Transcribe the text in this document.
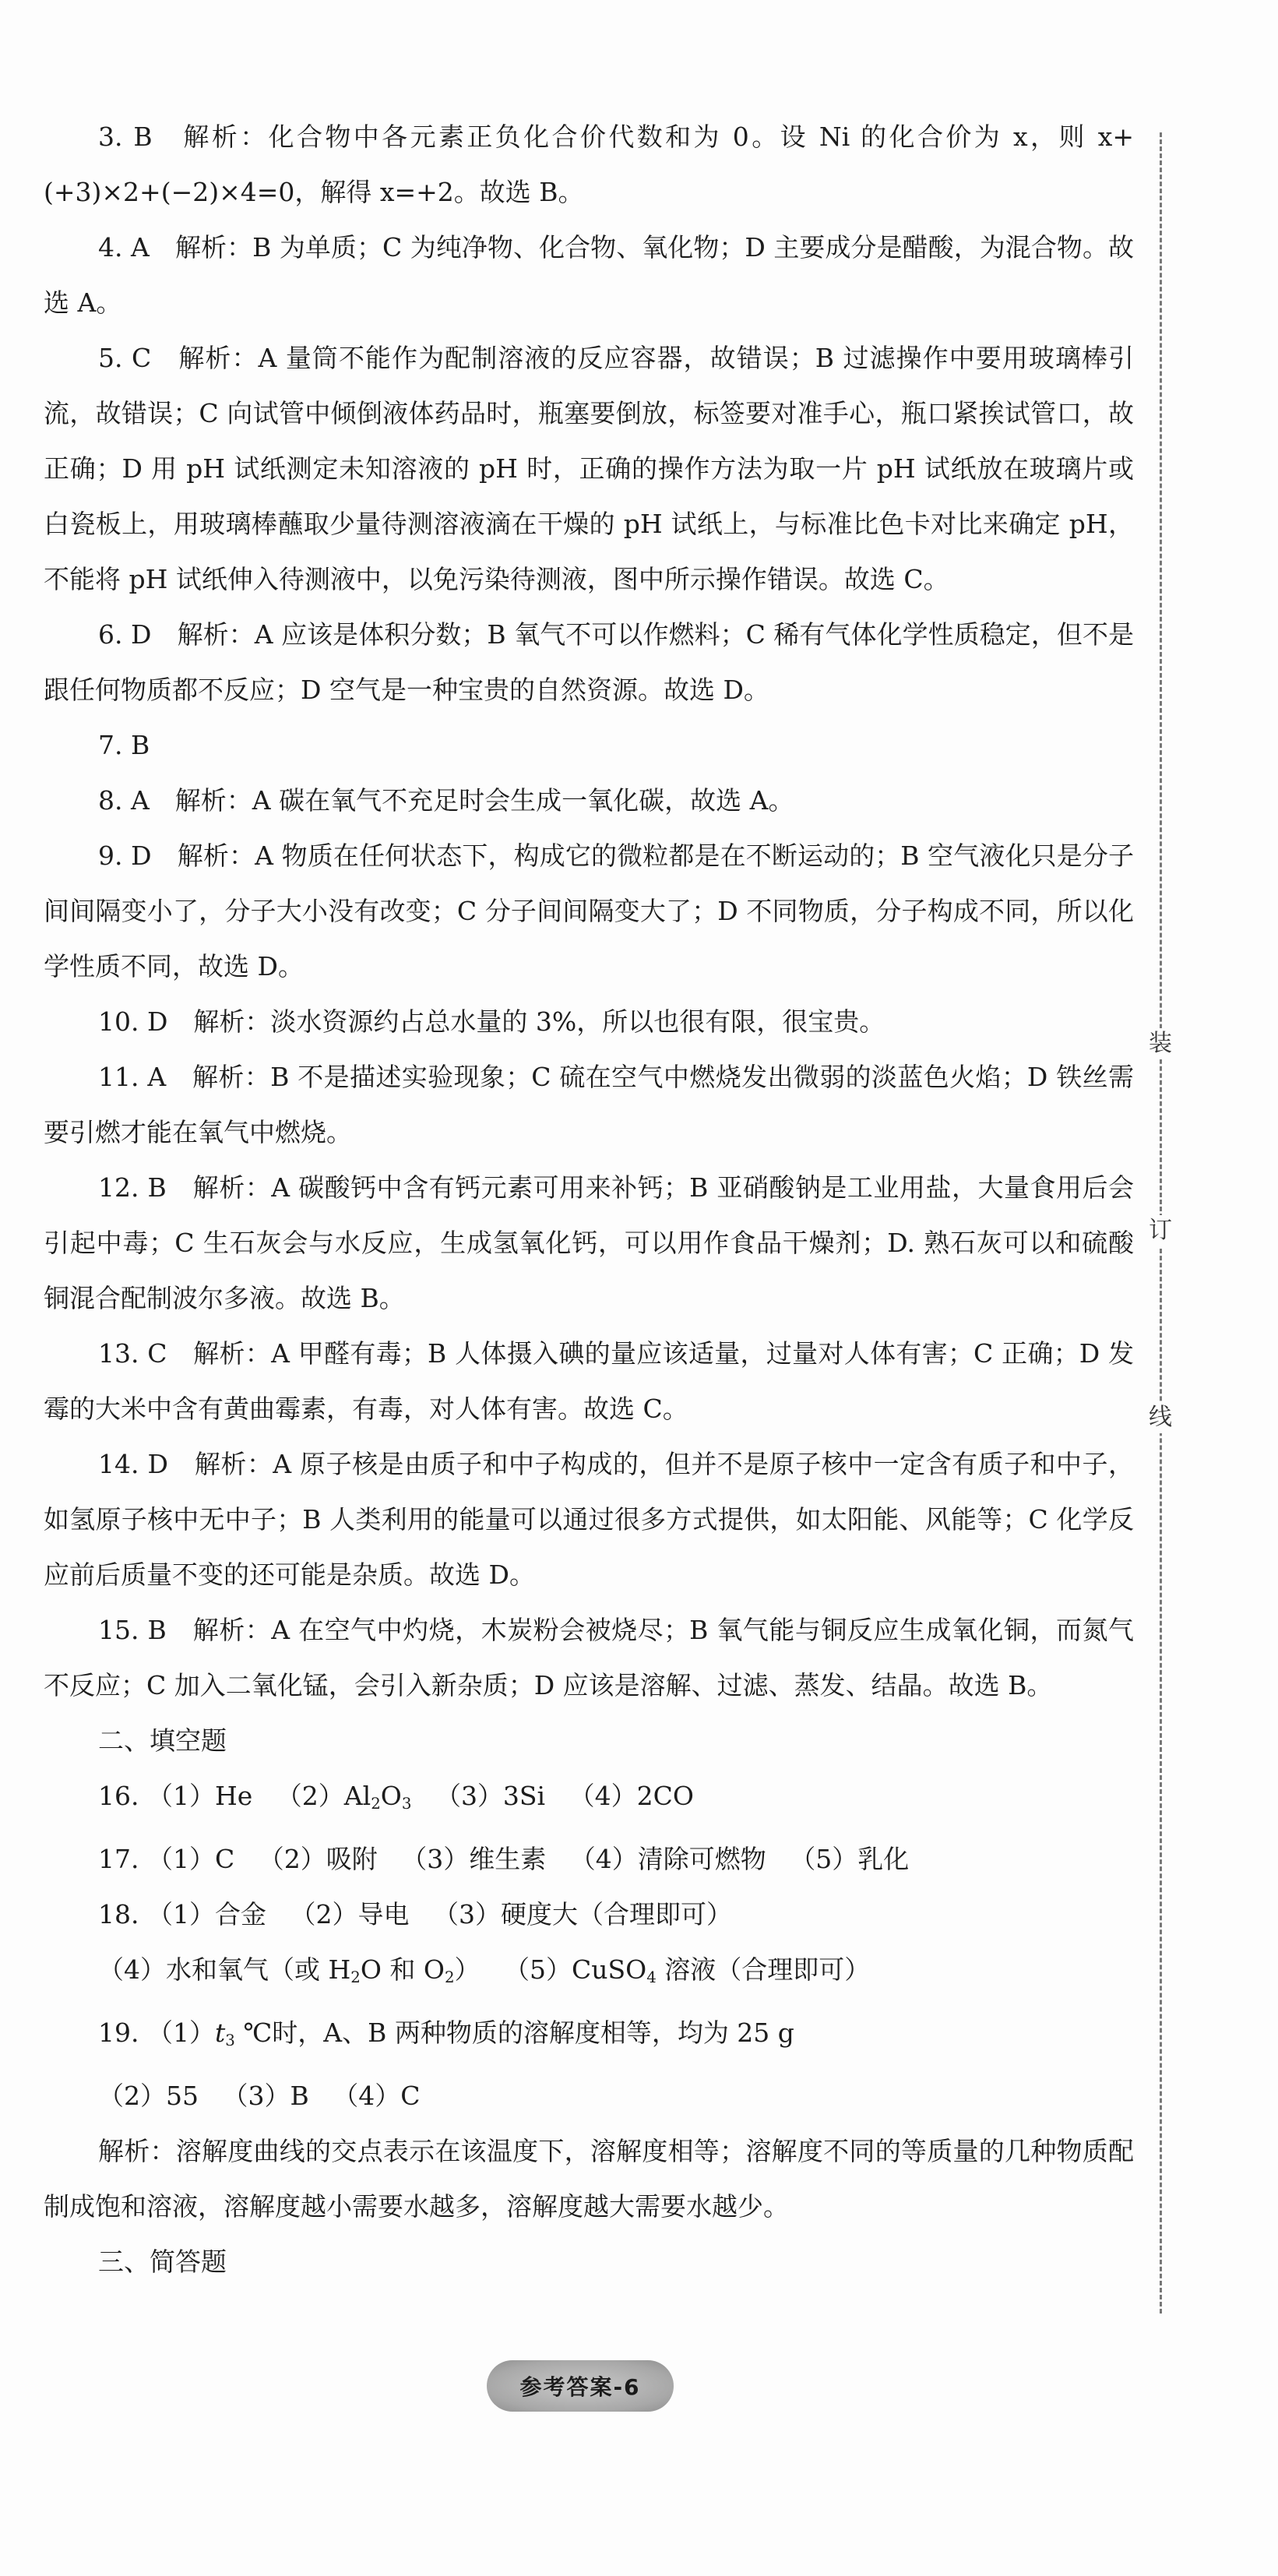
3. B　解析：化合物中各元素正负化合价代数和为 0。设 Ni 的化合价为 x，则 x+(+3)×2+(−2)×4=0，解得 x=+2。故选 B。

4. A　解析：B 为单质；C 为纯净物、化合物、氧化物；D 主要成分是醋酸，为混合物。故选 A。

5. C　解析：A 量筒不能作为配制溶液的反应容器，故错误；B 过滤操作中要用玻璃棒引流，故错误；C 向试管中倾倒液体药品时，瓶塞要倒放，标签要对准手心，瓶口紧挨试管口，故正确；D 用 pH 试纸测定未知溶液的 pH 时，正确的操作方法为取一片 pH 试纸放在玻璃片或白瓷板上，用玻璃棒蘸取少量待测溶液滴在干燥的 pH 试纸上，与标准比色卡对比来确定 pH，不能将 pH 试纸伸入待测液中，以免污染待测液，图中所示操作错误。故选 C。

6. D　解析：A 应该是体积分数；B 氧气不可以作燃料；C 稀有气体化学性质稳定，但不是跟任何物质都不反应；D 空气是一种宝贵的自然资源。故选 D。

7. B

8. A　解析：A 碳在氧气不充足时会生成一氧化碳，故选 A。

9. D　解析：A 物质在任何状态下，构成它的微粒都是在不断运动的；B 空气液化只是分子间间隔变小了，分子大小没有改变；C 分子间间隔变大了；D 不同物质，分子构成不同，所以化学性质不同，故选 D。

10. D　解析：淡水资源约占总水量的 3%，所以也很有限，很宝贵。

11. A　解析：B 不是描述实验现象；C 硫在空气中燃烧发出微弱的淡蓝色火焰；D 铁丝需要引燃才能在氧气中燃烧。

12. B　解析：A 碳酸钙中含有钙元素可用来补钙；B 亚硝酸钠是工业用盐，大量食用后会引起中毒；C 生石灰会与水反应，生成氢氧化钙，可以用作食品干燥剂；D. 熟石灰可以和硫酸铜混合配制波尔多液。故选 B。

13. C　解析：A 甲醛有毒；B 人体摄入碘的量应该适量，过量对人体有害；C 正确；D 发霉的大米中含有黄曲霉素，有毒，对人体有害。故选 C。

14. D　解析：A 原子核是由质子和中子构成的，但并不是原子核中一定含有质子和中子，如氢原子核中无中子；B 人类利用的能量可以通过很多方式提供，如太阳能、风能等；C 化学反应前后质量不变的还可能是杂质。故选 D。

15. B　解析：A 在空气中灼烧，木炭粉会被烧尽；B 氧气能与铜反应生成氧化铜，而氮气不反应；C 加入二氧化锰，会引入新杂质；D 应该是溶解、过滤、蒸发、结晶。故选 B。

二、填空题

16. （1）He $(2)Al_2O_3$ （3）3Si （4）2CO

17. （1）C （2）吸附 （3）维生素 （4）清除可燃物 （5）乳化

18. （1）合金 （2）导电 （3）硬度大（合理即可）

（4）水和氧气（或 $H_2O$ 和 $O_2$） （5）CuSO$_4$ 溶液（合理即可）

19. $(1)t_3$ ℃时，A、B 两种物质的溶解度相等，均为 25 g

（2）55 （3）B （4）C

解析：溶解度曲线的交点表示在该温度下，溶解度相等；溶解度不同的等质量的几种物质配制成饱和溶液，溶解度越小需要水越多，溶解度越大需要水越少。

三、简答题

装
订
线
参考答案-6
